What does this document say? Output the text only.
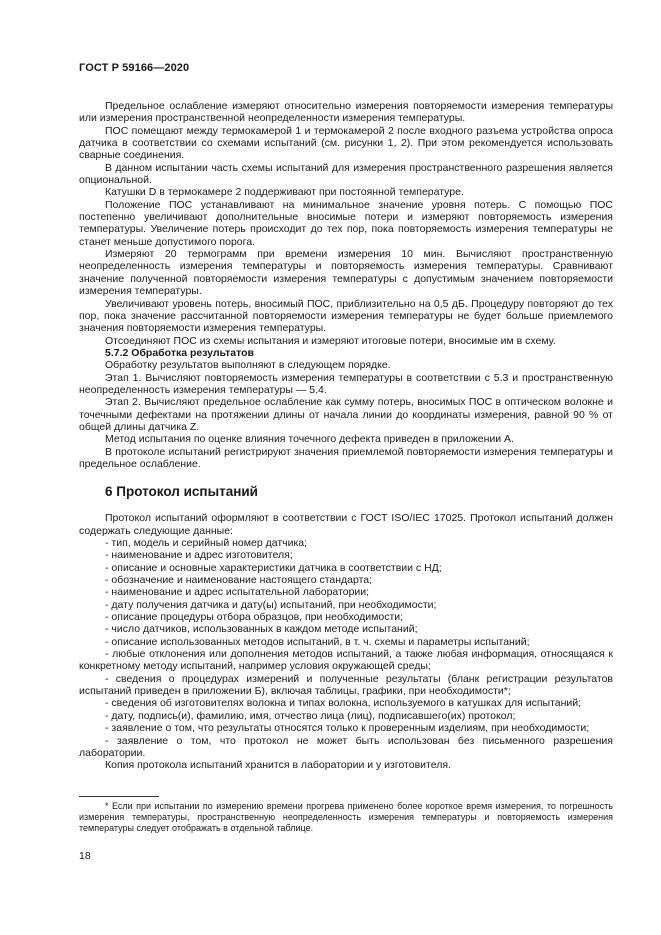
ГОСТ Р 59166—2020

Предельное ослабление измеряют относительно измерения повторяемости измерения температуры или измерения пространственной неопределенности измерения температуры.

ПОС помещают между термокамерой 1 и термокамерой 2 после входного разъема устройства опроса датчика в соответствии со схемами испытаний (см. рисунки 1, 2). При этом рекомендуется использовать сварные соединения.

В данном испытании часть схемы испытаний для измерения пространственного разрешения является опциональной.

Катушки D в термокамере 2 поддерживают при постоянной температуре.

Положение ПОС устанавливают на минимальное значение уровня потерь. С помощью ПОС постепенно увеличивают дополнительные вносимые потери и измеряют повторяемость измерения температуры. Увеличение потерь происходит до тех пор, пока повторяемость измерения температуры не станет меньше допустимого порога.

Измеряют 20 термограмм при времени измерения 10 мин. Вычисляют пространственную неопределенность измерения температуры и повторяемость измерения температуры. Сравнивают значение полученной повторяемости измерения температуры с допустимым значением повторяемости измерения температуры.

Увеличивают уровень потерь, вносимый ПОС, приблизительно на 0,5 дБ. Процедуру повторяют до тех пор, пока значение рассчитанной повторяемости измерения температуры не будет больше приемлемого значения повторяемости измерения температуры.

Отсоединяют ПОС из схемы испытания и измеряют итоговые потери, вносимые им в схему.

5.7.2 Обработка результатов

Обработку результатов выполняют в следующем порядке.

Этап 1. Вычисляют повторяемость измерения температуры в соответствии с 5.3 и пространственную неопределенность измерения температуры — 5.4.

Этап 2. Вычисляют предельное ослабление как сумму потерь, вносимых ПОС в оптическом волокне и точечными дефектами на протяжении длины от начала линии до координаты измерения, равной 90 % от общей длины датчика Z.

Метод испытания по оценке влияния точечного дефекта приведен в приложении А.

В протоколе испытаний регистрируют значения приемлемой повторяемости измерения температуры и предельное ослабление.

6 Протокол испытаний

Протокол испытаний оформляют в соответствии с ГОСТ ISO/IEC 17025. Протокол испытаний должен содержать следующие данные:

- тип, модель и серийный номер датчика;
- наименование и адрес изготовителя;
- описание и основные характеристики датчика в соответствии с НД;
- обозначение и наименование настоящего стандарта;
- наименование и адрес испытательной лаборатории;
- дату получения датчика и дату(ы) испытаний, при необходимости;
- описание процедуры отбора образцов, при необходимости;
- число датчиков, использованных в каждом методе испытаний;
- описание использованных методов испытаний, в т. ч. схемы и параметры испытаний;
- любые отклонения или дополнения методов испытаний, а также любая информация, относящаяся к конкретному методу испытаний, например условия окружающей среды;
- сведения о процедурах измерений и полученные результаты (бланк регистрации результатов испытаний приведен в приложении Б), включая таблицы, графики, при необходимости*;
- сведения об изготовителях волокна и типах волокна, используемого в катушках для испытаний;
- дату, подпись(и), фамилию, имя, отчество лица (лиц), подписавшего(их) протокол;
- заявление о том, что результаты относятся только к проверенным изделиям, при необходимости;
- заявление о том, что протокол не может быть использован без письменного разрешения лаборатории.

Копия протокола испытаний хранится в лаборатории и у изготовителя.

* Если при испытании по измерению времени прогрева применено более короткое время измерения, то погрешность измерения температуры, пространственную неопределенность измерения температуры и повторяемость измерения температуры следует отображать в отдельной таблице.

18
